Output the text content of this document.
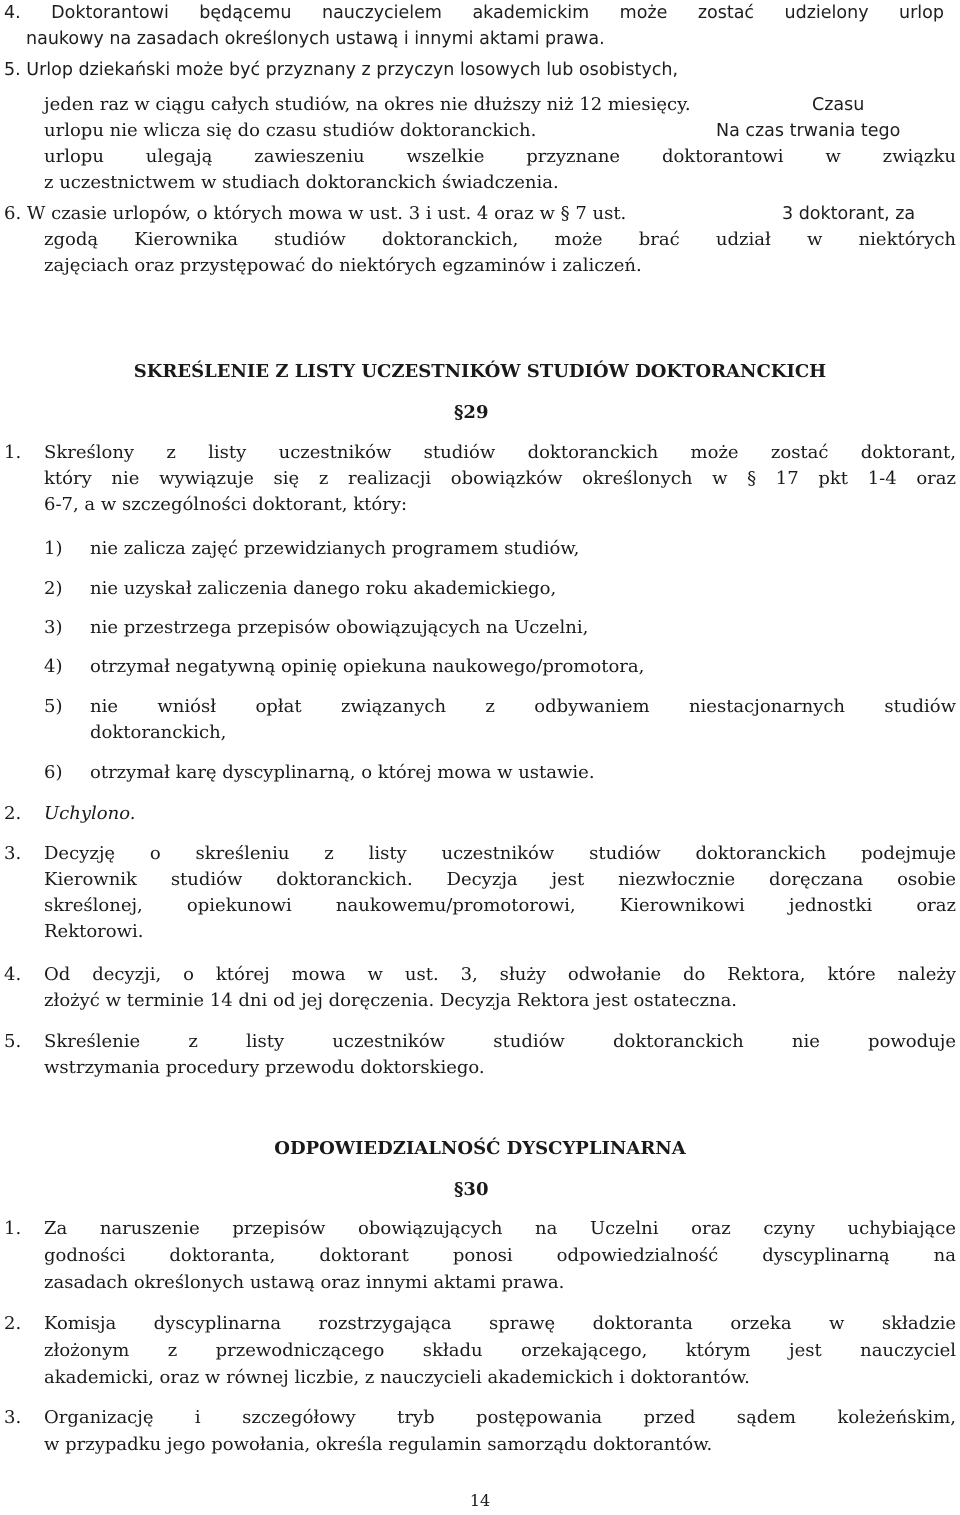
4. Doktorantowi będącemu nauczycielem akademickim może zostać udzielony urlop
naukowy na zasadach określonych ustawą i innymi aktami prawa.
5. Urlop dziekański może być przyznany z przyczyn losowych lub osobistych,
jeden raz w ciągu całych studiów, na okres nie dłuższy niż 12 miesięcy.	Czasu
urlopu nie wlicza się do czasu studiów doktoranckich.	Na czas trwania tego
urlopu ulegają zawieszeniu wszelkie przyznane doktorantowi w związku
z uczestnictwem w studiach doktoranckich świadczenia.
6. W czasie urlopów, o których mowa w ust. 3 i ust. 4 oraz w § 7 ust.	3 doktorant, za
zgodą Kierownika studiów doktoranckich, może brać udział w niektórych
zajęciach oraz przystępować do niektórych egzaminów i zaliczeń.
SKREŚLENIE Z LISTY UCZESTNIKÓW STUDIÓW DOKTORANCKICH
§29
1. Skreślony z listy uczestników studiów doktoranckich może zostać doktorant,
który nie wywiązuje się z realizacji obowiązków określonych w § 17 pkt 1-4 oraz
6-7, a w szczególności doktorant, który:
1) nie zalicza zajęć przewidzianych programem studiów,
2) nie uzyskał zaliczenia danego roku akademickiego,
3) nie przestrzega przepisów obowiązujących na Uczelni,
4) otrzymał negatywną opinię opiekuna naukowego/promotora,
5) nie wniósł opłat związanych z odbywaniem niestacjonarnych studiów
doktoranckich,
6) otrzymał karę dyscyplinarną, o której mowa w ustawie.
2. Uchylono.
3. Decyzję o skreśleniu z listy uczestników studiów doktoranckich podejmuje
Kierownik studiów doktoranckich. Decyzja jest niezwłocznie doręczana osobie
skreślonej, opiekunowi naukowemu/promotorowi, Kierownikowi jednostki oraz
Rektorowi.
4. Od decyzji, o której mowa w ust. 3, służy odwołanie do Rektora, które należy
złożyć w terminie 14 dni od jej doręczenia. Decyzja Rektora jest ostateczna.
5. Skreślenie z listy uczestników studiów doktoranckich nie powoduje
wstrzymania procedury przewodu doktorskiego.
ODPOWIEDZIALNOŚĆ DYSCYPLINARNA
§30
1. Za naruszenie przepisów obowiązujących na Uczelni oraz czyny uchybiające
godności doktoranta, doktorant ponosi odpowiedzialność dyscyplinarną na
zasadach określonych ustawą oraz innymi aktami prawa.
2. Komisja dyscyplinarna rozstrzygająca sprawę doktoranta orzeka w składzie
złożonym z przewodniczącego składu orzekającego, którym jest nauczyciel
akademicki, oraz w równej liczbie, z nauczycieli akademickich i doktorantów.
3. Organizację i szczegółowy tryb postępowania przed sądem koleżeńskim,
w przypadku jego powołania, określa regulamin samorządu doktorantów.
14
